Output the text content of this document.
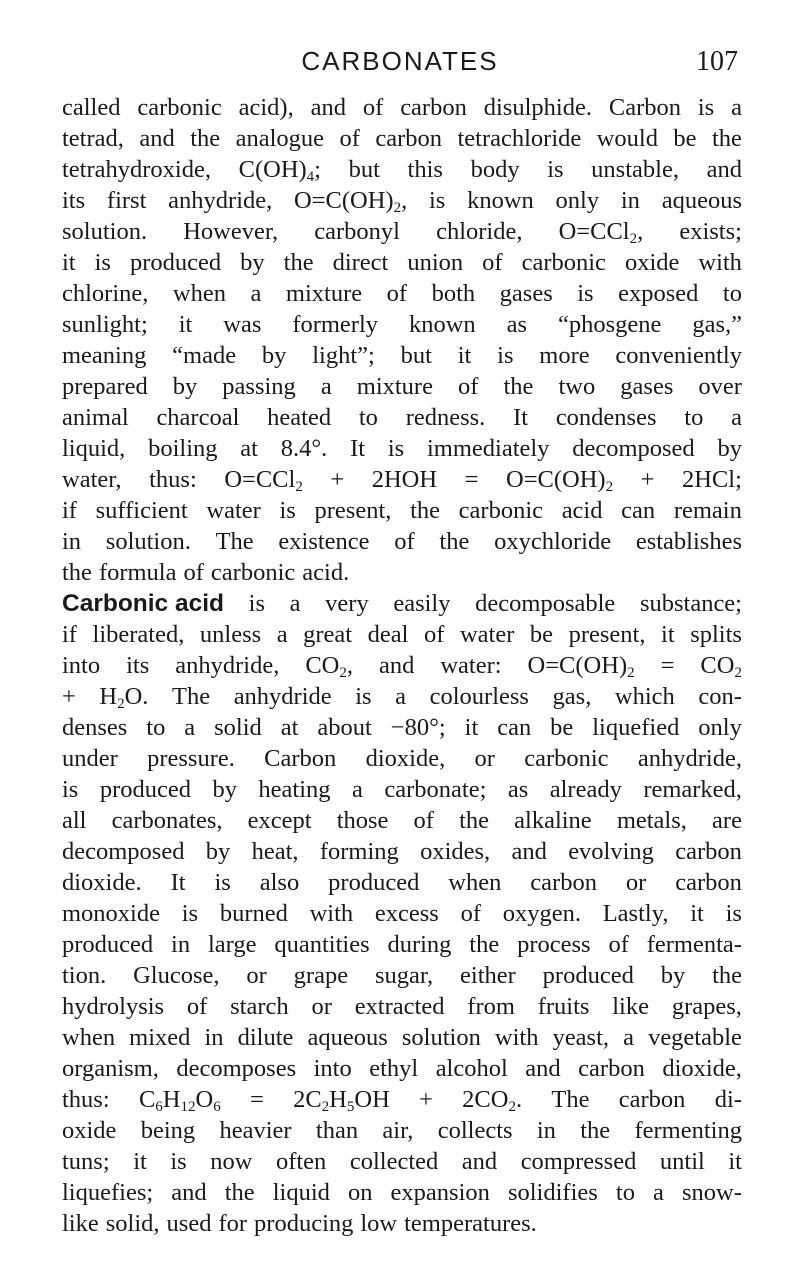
CARBONATES	107
called carbonic acid), and of carbon disulphide. Carbon is a
tetrad, and the analogue of carbon tetrachloride would be the
tetrahydroxide, $C(OH)_4$; but this body is unstable, and
its first anhydride, $O=C(OH)_2$, is known only in aqueous
solution. However, carbonyl chloride, O=CCl$_2$, exists;
it is produced by the direct union of carbonic oxide with
chlorine, when a mixture of both gases is exposed to
sunlight; it was formerly known as “phosgene gas,”
meaning “made by light”; but it is more conveniently
prepared by passing a mixture of the two gases over
animal charcoal heated to redness. It condenses to a
liquid, boiling at 8.4°. It is immediately decomposed by
water, thus: $O=CCl_2 + 2HOH = O=C(OH)_2 + 2HCl$;
if sufficient water is present, the carbonic acid can remain
in solution. The existence of the oxychloride establishes
the formula of carbonic acid.
Carbonic acid is a very easily decomposable substance;
if liberated, unless a great deal of water be present, it splits
into its anhydride, $CO_2$, and water: $O=C(OH)_2 = CO_2$
+ $H_2O$. The anhydride is a colourless gas, which con-
denses to a solid at about −80°; it can be liquefied only
under pressure. Carbon dioxide, or carbonic anhydride,
is produced by heating a carbonate; as already remarked,
all carbonates, except those of the alkaline metals, are
decomposed by heat, forming oxides, and evolving carbon
dioxide. It is also produced when carbon or carbon
monoxide is burned with excess of oxygen. Lastly, it is
produced in large quantities during the process of fermenta-
tion. Glucose, or grape sugar, either produced by the
hydrolysis of starch or extracted from fruits like grapes,
when mixed in dilute aqueous solution with yeast, a vegetable
organism, decomposes into ethyl alcohol and carbon dioxide,
thus: $C_6H_{12}O_6 = 2C_2H_5OH + 2CO_2$. The carbon di-
oxide being heavier than air, collects in the fermenting
tuns; it is now often collected and compressed until it
liquefies; and the liquid on expansion solidifies to a snow-
like solid, used for producing low temperatures.
